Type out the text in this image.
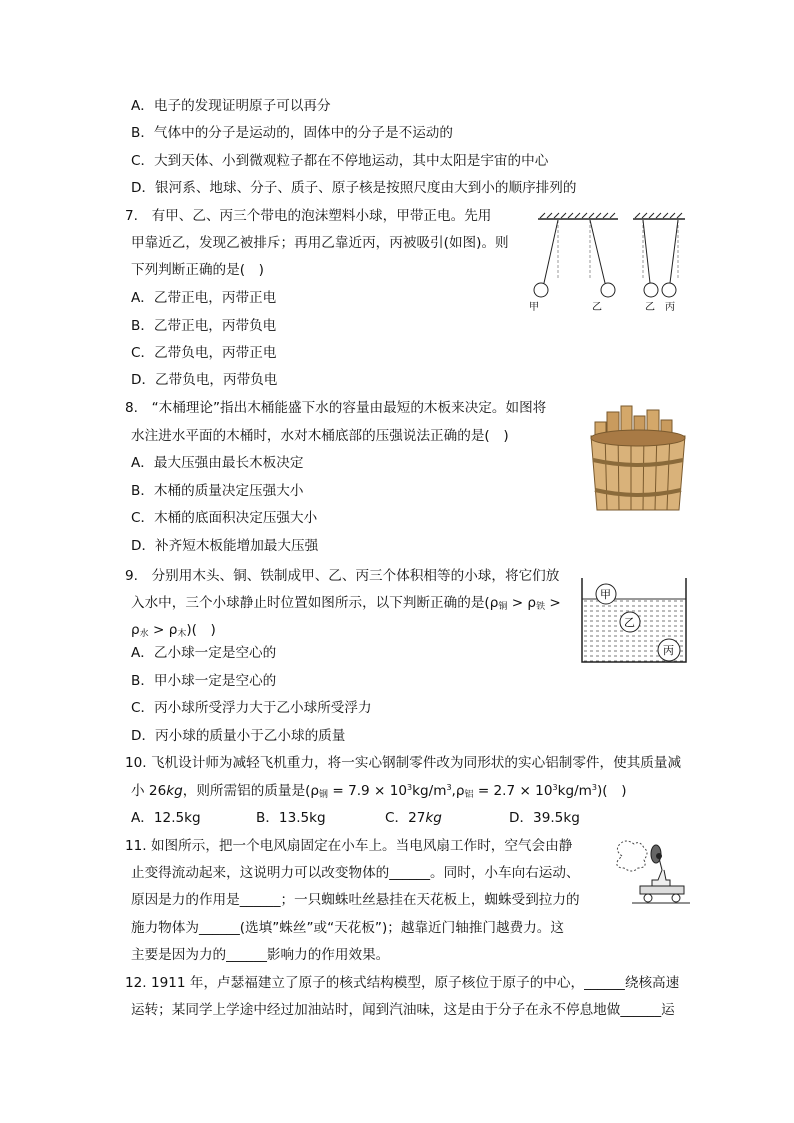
A．电子的发现证明原子可以再分
B．气体中的分子是运动的，固体中的分子是不运动的
C．大到天体、小到微观粒子都在不停地运动，其中太阳是宇宙的中心
D．银河系、地球、分子、质子、原子核是按照尺度由大到小的顺序排列的
7.　有甲、乙、丙三个带电的泡沫塑料小球，甲带正电。先用
甲靠近乙，发现乙被排斥；再用乙靠近丙，丙被吸引(如图)。则
下列判断正确的是(　)
A．乙带正电，丙带正电
B．乙带正电，丙带负电
C．乙带负电，丙带正电
D．乙带负电，丙带负电
甲	乙	乙 丙
8.　“木桶理论”指出木桶能盛下水的容量由最短的木板来决定。如图将
水注进水平面的木桶时，水对木桶底部的压强说法正确的是(　)
A．最大压强由最长木板决定
B．木桶的质量决定压强大小
C．木桶的底面积决定压强大小
D．补齐短木板能增加最大压强
9.　分别用木头、铜、铁制成甲、乙、丙三个体积相等的小球，将它们放
入水中，三个小球静止时位置如图所示，以下判断正确的是($\rho_铜 > \rho_铁$ >
$\rho_水 > \rho_木$)(　)
A．乙小球一定是空心的
B．甲小球一定是空心的
C．丙小球所受浮力大于乙小球所受浮力
D．丙小球的质量小于乙小球的质量
甲
乙
丙
10. 飞机设计师为减轻飞机重力，将一实心钢制零件改为同形状的实心铝制零件，使其质量减
小 26kg，则所需铝的质量是$(\rho_钢 = 7.9 \times 10^3kg/m^3,\rho_铝 = 2.7 \times 10^3kg/m^3)$(　)
A．12.5kg	B．13.5kg	C．27kg	D．39.5kg
11. 如图所示，把一个电风扇固定在小车上。当电风扇工作时，空气会由静
止变得流动起来，这说明力可以改变物体的______。同时，小车向右运动、
原因是力的作用是______；一只蜘蛛吐丝悬挂在天花板上，蜘蛛受到拉力的
施力物体为______(选填”蛛丝”或“天花板”)；越靠近门轴推门越费力。这
主要是因为力的______影响力的作用效果。
12. 1911 年，卢瑟福建立了原子的核式结构模型，原子核位于原子的中心，______绕核高速
运转；某同学上学途中经过加油站时，闻到汽油味，这是由于分子在永不停息地做______运
